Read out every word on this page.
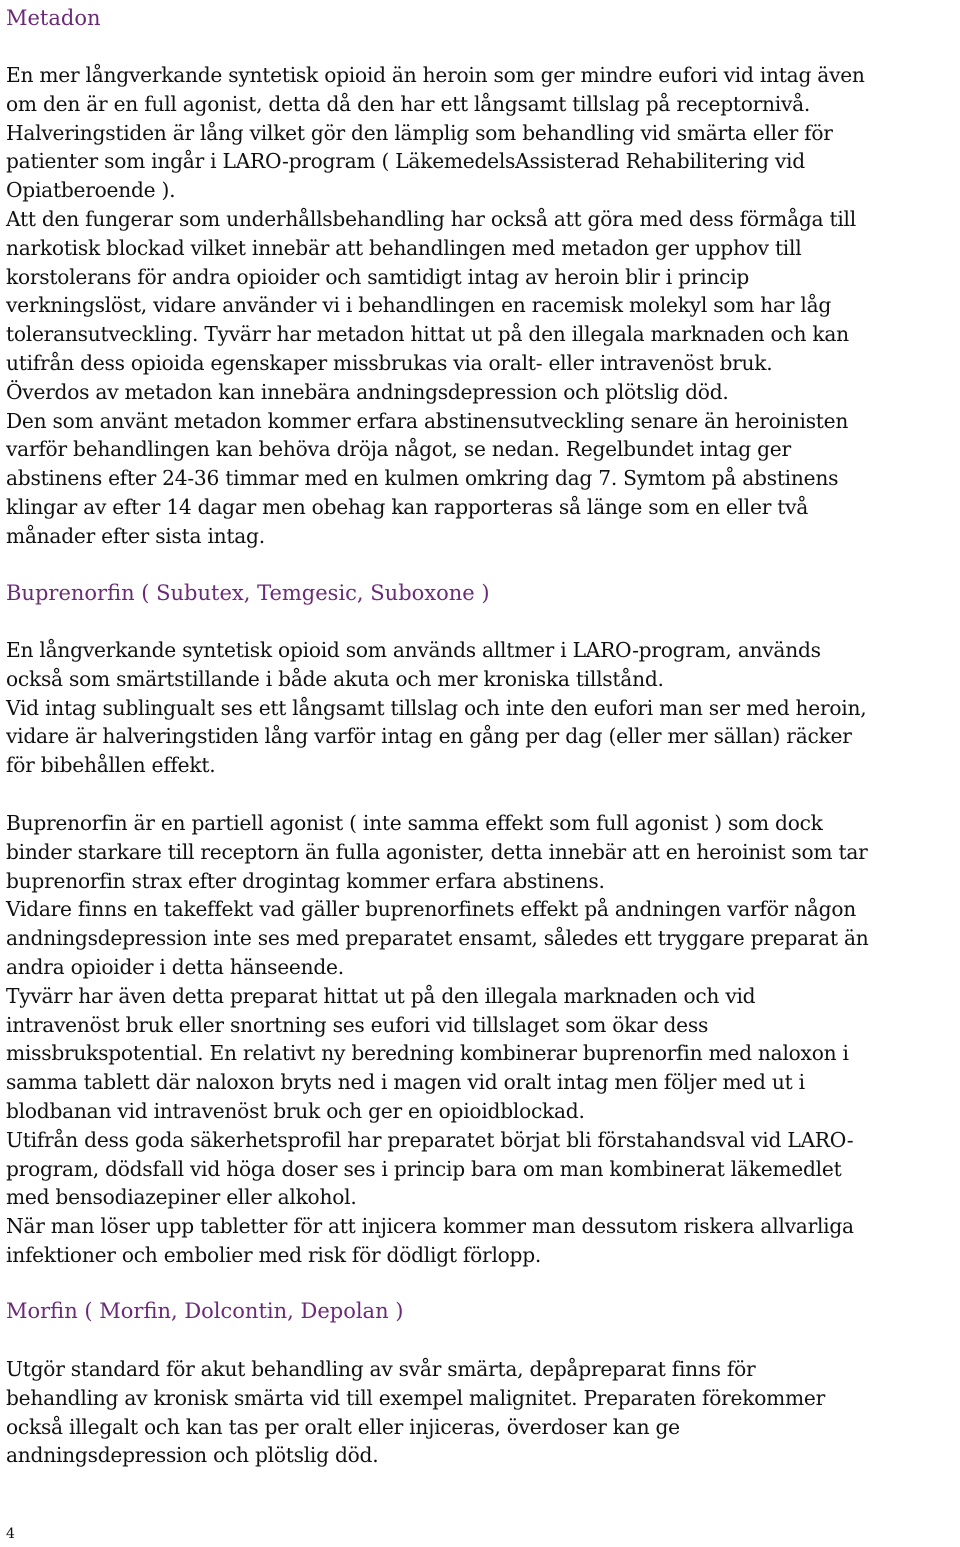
Metadon
En mer långverkande syntetisk opioid än heroin som ger mindre eufori vid intag även
om den är en full agonist, detta då den har ett långsamt tillslag på receptornivå.
Halveringstiden är lång vilket gör den lämplig som behandling vid smärta eller för
patienter som ingår i LARO-program ( LäkemedelsAssisterad Rehabilitering vid
Opiatberoende ).
Att den fungerar som underhållsbehandling har också att göra med dess förmåga till
narkotisk blockad vilket innebär att behandlingen med metadon ger upphov till
korstolerans för andra opioider och samtidigt intag av heroin blir i princip
verkningslöst, vidare använder vi i behandlingen en racemisk molekyl som har låg
toleransutveckling. Tyvärr har metadon hittat ut på den illegala marknaden och kan
utifrån dess opioida egenskaper missbrukas via oralt- eller intravenöst bruk.
Överdos av metadon kan innebära andningsdepression och plötslig död.
Den som använt metadon kommer erfara abstinensutveckling senare än heroinisten
varför behandlingen kan behöva dröja något, se nedan. Regelbundet intag ger
abstinens efter 24-36 timmar med en kulmen omkring dag 7. Symtom på abstinens
klingar av efter 14 dagar men obehag kan rapporteras så länge som en eller två
månader efter sista intag.
Buprenorfin ( Subutex, Temgesic, Suboxone )
En långverkande syntetisk opioid som används alltmer i LARO-program, används
också som smärtstillande i både akuta och mer kroniska tillstånd.
Vid intag sublingualt ses ett långsamt tillslag och inte den eufori man ser med heroin,
vidare är halveringstiden lång varför intag en gång per dag (eller mer sällan) räcker
för bibehållen effekt.
Buprenorfin är en partiell agonist ( inte samma effekt som full agonist ) som dock
binder starkare till receptorn än fulla agonister, detta innebär att en heroinist som tar
buprenorfin strax efter drogintag kommer erfara abstinens.
Vidare finns en takeffekt vad gäller buprenorfinets effekt på andningen varför någon
andningsdepression inte ses med preparatet ensamt, således ett tryggare preparat än
andra opioider i detta hänseende.
Tyvärr har även detta preparat hittat ut på den illegala marknaden och vid
intravenöst bruk eller snortning ses eufori vid tillslaget som ökar dess
missbrukspotential. En relativt ny beredning kombinerar buprenorfin med naloxon i
samma tablett där naloxon bryts ned i magen vid oralt intag men följer med ut i
blodbanan vid intravenöst bruk och ger en opioidblockad.
Utifrån dess goda säkerhetsprofil har preparatet börjat bli förstahandsval vid LARO-
program, dödsfall vid höga doser ses i princip bara om man kombinerat läkemedlet
med bensodiazepiner eller alkohol.
När man löser upp tabletter för att injicera kommer man dessutom riskera allvarliga
infektioner och embolier med risk för dödligt förlopp.
Morfin ( Morfin, Dolcontin, Depolan )
Utgör standard för akut behandling av svår smärta, depåpreparat finns för
behandling av kronisk smärta vid till exempel malignitet. Preparaten förekommer
också illegalt och kan tas per oralt eller injiceras, överdoser kan ge
andningsdepression och plötslig död.
4
